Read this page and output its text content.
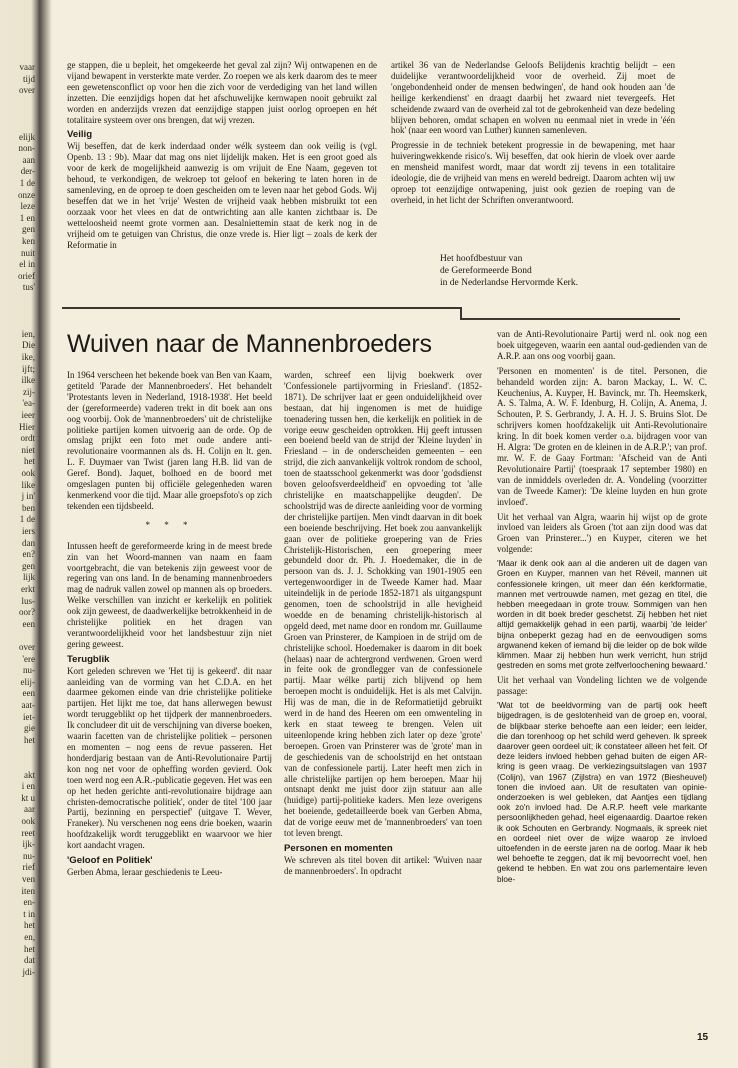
vaar
tijd
over
elijk
non-
aan
der-
1 de
onze
leze
1 en
gen
ken
nuit
el in
orief
tus'
ien,
Die
ike,
ijft;
ilke
zij-
'ea-
ieer
Hier
ordt
niet
het
ook
like
j in'
ben
1 de
iers
dan
en?
gen
lijk
erkt
lus-
oor?
een
over
'ere
nu-
elij-
een
aat-
iet-
gie
het
akt
i en
kt u
aar
ook
reet
ijk-
nu-
rief
ven
iten
en-
t in
het
en,
het
dat
jdi-

ge stappen, die u bepleit, het omgekeerde het geval zal zijn? Wij ontwapenen en de vijand bewapent in versterkte mate verder. Zo roepen we als kerk daarom des te meer een gewetensconflict op voor hen die zich voor de verdediging van het land willen inzetten. Die eenzijdigs hopen dat het afschuwelijke kernwapen nooit gebruikt zal worden en anderzijds vrezen dat eenzijdige stappen juist oorlog oproepen en hét totalitaire systeem over ons brengen, dat wij vrezen.

Veilig

Wij beseffen, dat de kerk inderdaad onder wélk systeem dan ook veilig is (vgl. Openb. 13 : 9b). Maar dat mag ons niet lijdelijk maken. Het is een groot goed als voor de kerk de mogelijkheid aanwezig is om vrijuit de Ene Naam, gegeven tot behoud, te verkondigen, de wekroep tot geloof en bekering te laten horen in de samenleving, en de oproep te doen gescheiden om te leven naar het gebod Gods. Wij beseffen dat we in het 'vrije' Westen de vrijheid vaak hebben misbruikt tot een oorzaak voor het vlees en dat de ontwrichting aan alle kanten zichtbaar is. De wetteloosheid neemt grote vormen aan. Desalniettemin staat de kerk nog in de vrijheid om te getuigen van Christus, die onze vrede is. Hier ligt – zoals de kerk der Reformatie in

artikel 36 van de Nederlandse Geloofs Belijdenis krachtig belijdt – een duidelijke verantwoordelijkheid voor de overheid. Zij moet de 'ongebondenheid onder de mensen bedwingen', de hand ook houden aan 'de heilige kerkendienst' en draagt daarbij het zwaard niet tevergeefs. Het scheidende zwaard van de overheid zal tot de gebrokenheid van deze bedeling blijven behoren, omdat schapen en wolven nu eenmaal niet in vrede in 'één hok' (naar een woord van Luther) kunnen samenleven.

Progressie in de techniek betekent progressie in de bewapening, met haar huiveringwekkende risico's. Wij beseffen, dat ook hierin de vloek over aarde en mensheid manifest wordt, maar dat wordt zij tevens in een totalitaire ideologie, die de vrijheid van mens en wereld bedreigt. Daarom achten wij uw oproep tot eenzijdige ontwapening, juist ook gezien de roeping van de overheid, in het licht der Schriften onverantwoord.

Het hoofdbestuur van
de Gereformeerde Bond
in de Nederlandse Hervormde Kerk.
Wuiven naar de Mannenbroeders

In 1964 verscheen het bekende boek van Ben van Kaam, getiteld 'Parade der Mannenbroeders'. Het behandelt 'Protestants leven in Nederland, 1918-1938'. Het beeld der (gereformeerde) vaderen trekt in dit boek aan ons oog voorbij. Ook de 'mannenbroeders' uit de christelijke politieke partijen komen uitvoerig aan de orde. Op de omslag prijkt een foto met oude andere anti-revolutionaire voormannen als ds. H. Colijn en lt. gen. L. F. Duymaer van Twist (jaren lang H.B. lid van de Geref. Bond). Jaquet, bolhoed en de boord met omgeslagen punten bij officiële gelegenheden waren kenmerkend voor die tijd. Maar alle groepsfoto's op zich tekenden een tijdsbeeld.

* * *

Intussen heeft de gereformeerde kring in de meest brede zin van het Woord-mannen van naam en faam voortgebracht, die van betekenis zijn geweest voor de regering van ons land. In de benaming mannenbroeders mag de nadruk vallen zowel op mannen als op broeders. Welke verschillen van inzicht er kerkelijk en politiek ook zijn geweest, de daadwerkelijke betrokkenheid in de christelijke politiek en het dragen van verantwoordelijkheid voor het landsbestuur zijn niet gering geweest.

Terugblik

Kort geleden schreven we 'Het tij is gekeerd'. dit naar aanleiding van de vorming van het C.D.A. en het daarmee gekomen einde van drie christelijke politieke partijen. Het lijkt me toe, dat hans allerwegen bewust wordt teruggeblikt op het tijdperk der mannenbroeders. Ik concludeer dit uit de verschijning van diverse boeken, waarin facetten van de christelijke politiek – personen en momenten – nog eens de revue passeren. Het honderdjarig bestaan van de Anti-Revolutionaire Partij kon nog net voor de opheffing worden gevierd. Ook toen werd nog een A.R.-publicatie gegeven. Het was een op het heden gerichte anti-revolutionaire bijdrage aan christen-democratische politiek', onder de titel '100 jaar Partij, bezinning en perspectief' (uitgave T. Wever, Franeker). Nu verschenen nog eens drie boeken, waarin hoofdzakelijk wordt teruggeblikt en waarvoor we hier kort aandacht vragen.

'Geloof en Politiek'

Gerben Abma, leraar geschiedenis te Leeu-

warden, schreef een lijvig boekwerk over 'Confessionele partijvorming in Friesland'. (1852-1871). De schrijver laat er geen onduidelijkheid over bestaan, dat hij ingenomen is met de huidige toenadering tussen hen, die kerkelijk en politiek in de vorige eeuw gescheiden optrokken. Hij geeft intussen een boeiend beeld van de strijd der 'Kleine luyden' in Friesland – in de onderscheiden gemeenten – een strijd, die zich aanvankelijk voltrok rondom de school, toen de staatsschool gekenmerkt was door 'godsdienst boven geloofsverdeeldheid' en opvoeding tot 'alle christelijke en maatschappelijke deugden'. De schoolstrijd was de directe aanleiding voor de vorming der christelijke partijen. Men vindt daarvan in dit boek een boeiende beschrijving. Het boek zou aanvankelijk gaan over de politieke groepering van de Fries Christelijk-Historischen, een groepering meer gebundeld door dr. Ph. J. Hoedemaker, die in de persoon van ds. J. J. Schokking van 1901-1905 een vertegenwoordiger in de Tweede Kamer had. Maar uiteindelijk in de periode 1852-1871 als uitgangspunt genomen, toen de schoolstrijd in alle hevigheid woedde en de benaming christelijk-historisch al opgeld deed, met name door en rondom mr. Guillaume Groen van Prinsterer, de Kampioen in de strijd om de christelijke school. Hoedemaker is daarom in dit boek (helaas) naar de achtergrond verdwenen. Groen werd in feite ook de grondlegger van de confessionele partij. Maar wélke partij zich blijvend op hem beroepen mocht is onduidelijk. Het is als met Calvijn. Hij was de man, die in de Reformatietijd gebruikt werd in de hand des Heeren om een omwenteling in kerk en staat teweeg te brengen. Velen uit uiteenlopende kring hebben zich later op deze 'grote' beroepen. Groen van Prinsterer was de 'grote' man in de geschiedenis van de schoolstrijd en het ontstaan van de confessionele partij. Later heeft men zich in alle christelijke partijen op hem beroepen. Maar hij ontsnapt denkt me juist door zijn statuur aan alle (huidige) partij-politieke kaders. Men leze overigens het boeiende, gedetailleerde boek van Gerben Abma, dat de vorige eeuw met de 'mannenbroeders' van toen tot leven brengt.

Personen en momenten

We schreven als titel boven dit artikel: 'Wuiven naar de mannenbroeders'. In opdracht

van de Anti-Revolutionaire Partij werd nl. ook nog een boek uitgegeven, waarin een aantal oud-gedienden van de A.R.P. aan ons oog voorbij gaan.

'Personen en momenten' is de titel. Personen, die behandeld worden zijn: A. baron Mackay, L. W. C. Keuchenius, A. Kuyper, H. Bavinck, mr. Th. Heemskerk, A. S. Talma, A. W. F. Idenburg, H. Colijn, A. Anema, J. Schouten, P. S. Gerbrandy, J. A. H. J. S. Bruins Slot. De schrijvers komen hoofdzakelijk uit Anti-Revolutionaire kring. In dit boek komen verder o.a. bijdragen voor van H. Algra: 'De groten en de kleinen in de A.R.P.'; van prof. mr. W. F. de Gaay Fortman: 'Afscheid van de Anti Revolutionaire Partij' (toespraak 17 september 1980) en van de inmiddels overleden dr. A. Vondeling (voorzitter van de Tweede Kamer): 'De kleine luyden en hun grote invloed'.

Uit het verhaal van Algra, waarin hij wijst op de grote invloed van leiders als Groen ('tot aan zijn dood was dat Groen van Prinsterer...') en Kuyper, citeren we het volgende:

'Maar ik denk ook aan al die anderen uit de dagen van Groen en Kuyper, mannen van het Réveil, mannen uit confessionele kringen, uit meer dan één kerkformatie, mannen met vertrouwde namen, met gezag en titel, die hebben meegedaan in grote trouw. Sommigen van hen worden in dit boek breder geschetst. Zij hebben het niet altijd gemakkelijk gehad in een partij, waarbij 'de leider' bijna onbeperkt gezag had en de eenvoudigen soms argwanend keken of iemand bij die leider op de bok wilde klimmen. Maar zij hebben hun werk verricht, hun strijd gestreden en soms met grote zelfverloochening bewaard.'

Uit het verhaal van Vondeling lichten we de volgende passage:

'Wat tot de beeldvorming van de partij ook heeft bijgedragen, is de geslotenheid van de groep en, vooral, de blijkbaar sterke behoefte aan een leider; een leider, die dan torenhoog op het schild werd geheven. Ik spreek daarover geen oordeel uit; ik constateer alleen het feit. Of deze leiders invloed hebben gehad buiten de eigen AR-kring is geen vraag. De verkiezingsuitslagen van 1937 (Colijn), van 1967 (Zijlstra) en van 1972 (Biesheuvel) tonen die invloed aan. Uit de resultaten van opinie-onderzoeken is wel gebleken, dat Aantjes een tijdlang ook zo'n invloed had. De A.R.P. heeft vele markante persoonlijkheden gehad, heel eigenaardig. Daartoe reken ik ook Schouten en Gerbrandy. Nogmaals, ik spreek niet en oordeel niet over de wijze waarop ze invloed uitoefenden in de eerste jaren na de oorlog. Maar ik heb wel behoefte te zeggen, dat ik mij bevoorrecht voel, hen gekend te hebben. En wat zou ons parlementaire leven bloe-

15
